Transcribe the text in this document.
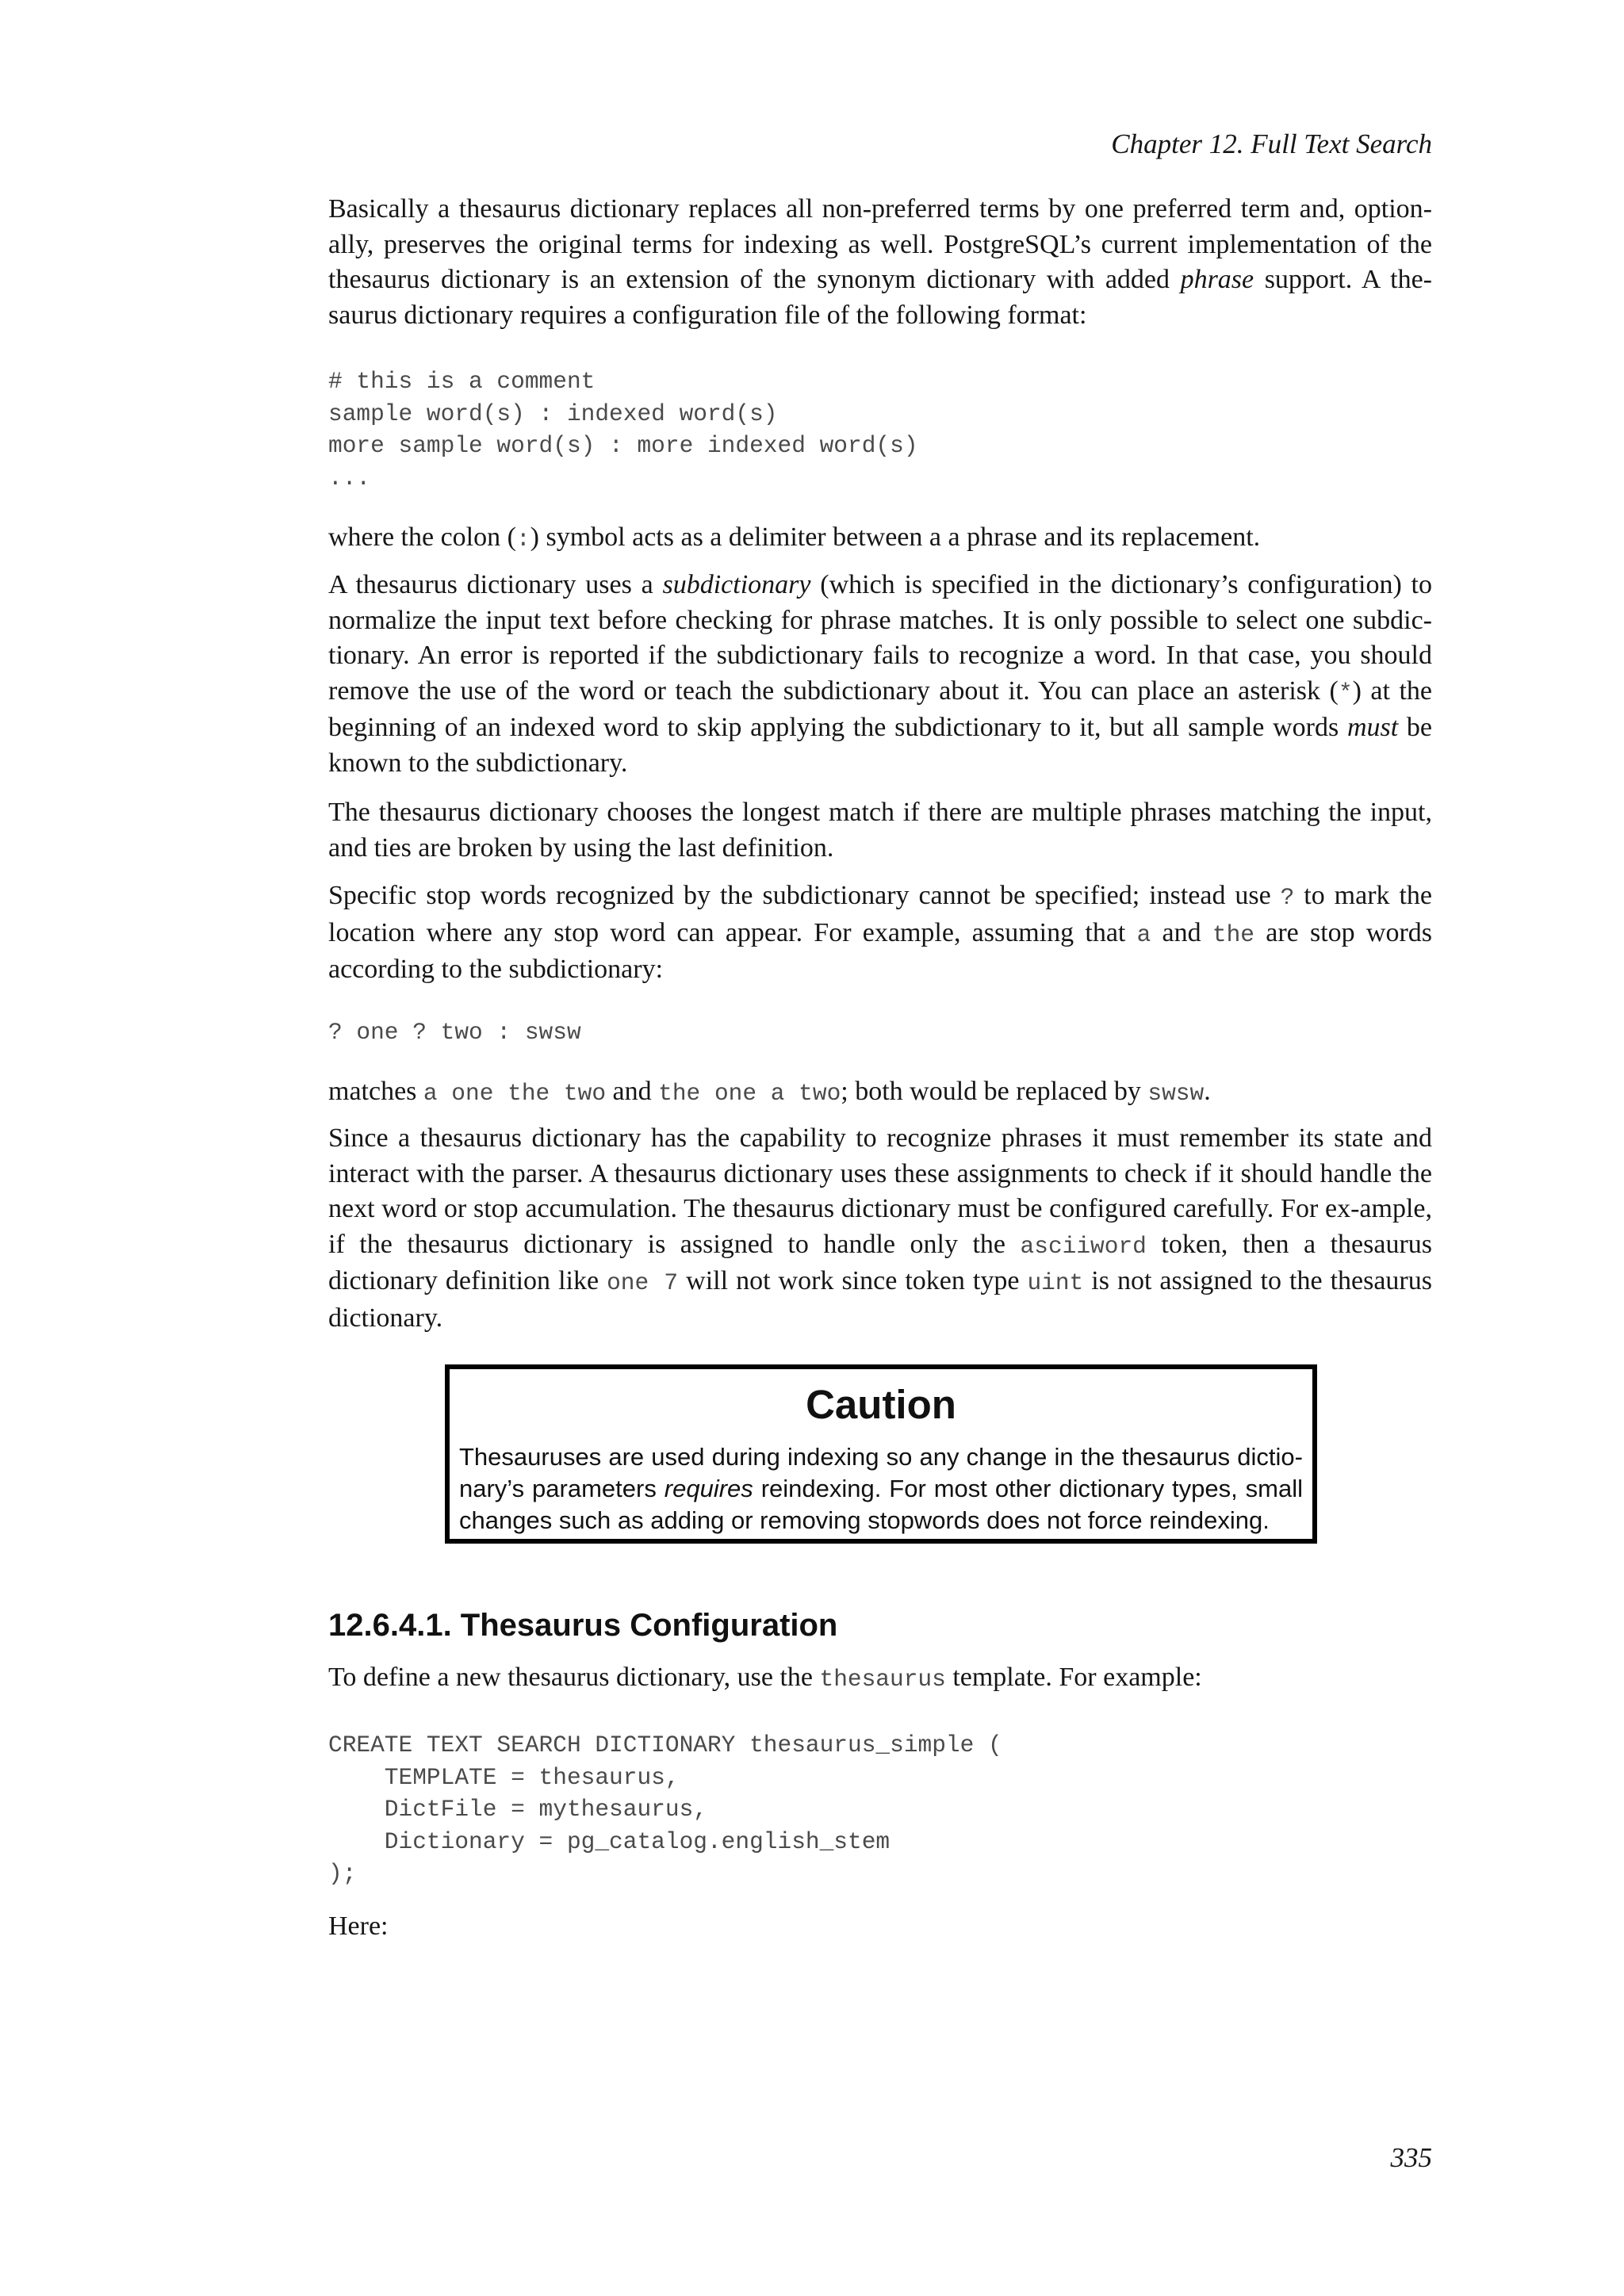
Chapter 12. Full Text Search

Basically a thesaurus dictionary replaces all non-preferred terms by one preferred term and, option-ally, preserves the original terms for indexing as well. PostgreSQL’s current implementation of the thesaurus dictionary is an extension of the synonym dictionary with added phrase support. A the-saurus dictionary requires a configuration file of the following format:

# this is a comment
sample word(s) : indexed word(s)
more sample word(s) : more indexed word(s)
...

where the colon (:) symbol acts as a delimiter between a a phrase and its replacement.

A thesaurus dictionary uses a subdictionary (which is specified in the dictionary’s configuration) to normalize the input text before checking for phrase matches. It is only possible to select one subdic-tionary. An error is reported if the subdictionary fails to recognize a word. In that case, you should remove the use of the word or teach the subdictionary about it. You can place an asterisk (*) at the beginning of an indexed word to skip applying the subdictionary to it, but all sample words must be known to the subdictionary.

The thesaurus dictionary chooses the longest match if there are multiple phrases matching the input, and ties are broken by using the last definition.

Specific stop words recognized by the subdictionary cannot be specified; instead use ? to mark the location where any stop word can appear. For example, assuming that a and the are stop words according to the subdictionary:

? one ? two : swsw

matches a one the two and the one a two; both would be replaced by swsw.

Since a thesaurus dictionary has the capability to recognize phrases it must remember its state and interact with the parser. A thesaurus dictionary uses these assignments to check if it should handle the next word or stop accumulation. The thesaurus dictionary must be configured carefully. For ex-ample, if the thesaurus dictionary is assigned to handle only the asciiword token, then a thesaurus dictionary definition like one 7 will not work since token type uint is not assigned to the thesaurus dictionary.

Caution

Thesauruses are used during indexing so any change in the thesaurus dictio-nary’s parameters requires reindexing. For most other dictionary types, small changes such as adding or removing stopwords does not force reindexing.

12.6.4.1. Thesaurus Configuration

To define a new thesaurus dictionary, use the thesaurus template. For example:

CREATE TEXT SEARCH DICTIONARY thesaurus_simple (
TEMPLATE = thesaurus,
DictFile = mythesaurus,
Dictionary = pg_catalog.english_stem
);

Here:

335
